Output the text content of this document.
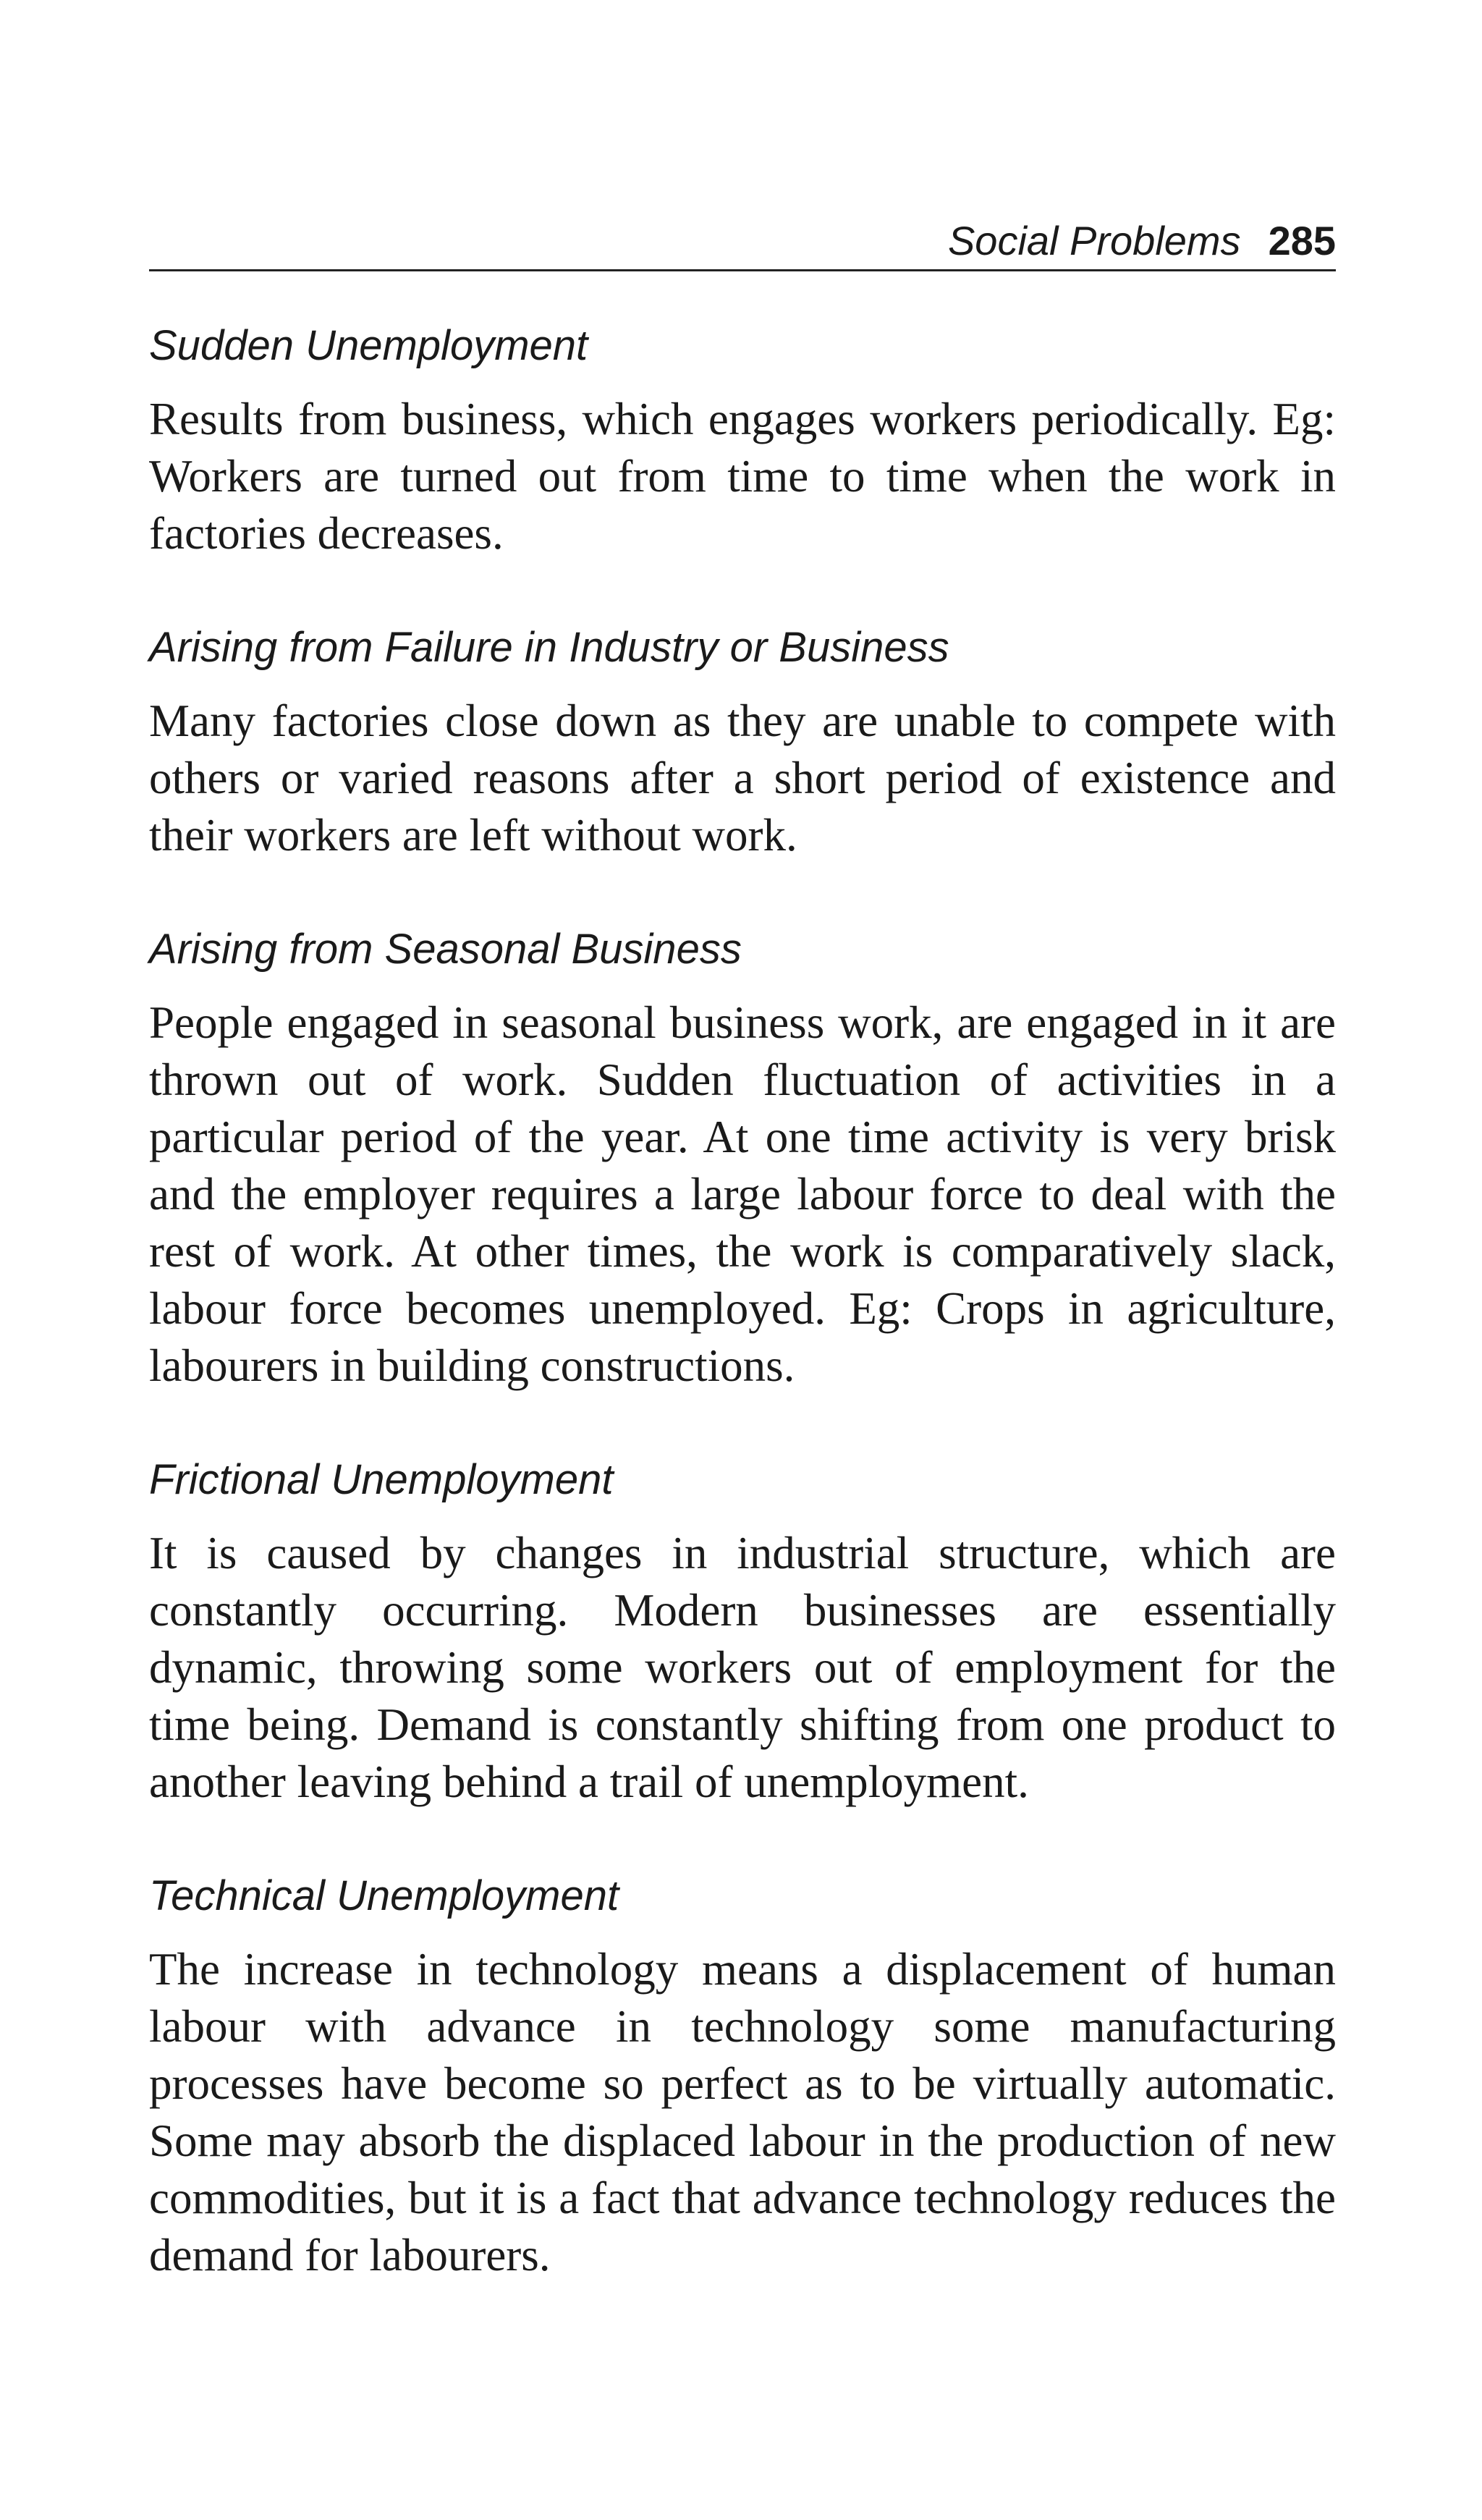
Social Problems 285
Sudden Unemployment

Results from business, which engages workers periodically. Eg: Workers are turned out from time to time when the work in factories decreases.

Arising from Failure in Industry or Business

Many factories close down as they are unable to compete with others or varied reasons after a short period of existence and their workers are left without work.

Arising from Seasonal Business

People engaged in seasonal business work, are engaged in it are thrown out of work. Sudden fluctuation of activities in a particular period of the year. At one time activity is very brisk and the employer requires a large labour force to deal with the rest of work. At other times, the work is comparatively slack, labour force becomes unemployed. Eg: Crops in agriculture, labourers in building constructions.

Frictional Unemployment

It is caused by changes in industrial structure, which are constantly occurring. Modern businesses are essentially dynamic, throwing some workers out of employment for the time being. Demand is constantly shifting from one product to another leaving behind a trail of unemployment.

Technical Unemployment

The increase in technology means a displacement of human labour with advance in technology some manufacturing processes have become so perfect as to be virtually automatic. Some may absorb the displaced labour in the production of new commodities, but it is a fact that advance technology reduces the demand for labourers.
